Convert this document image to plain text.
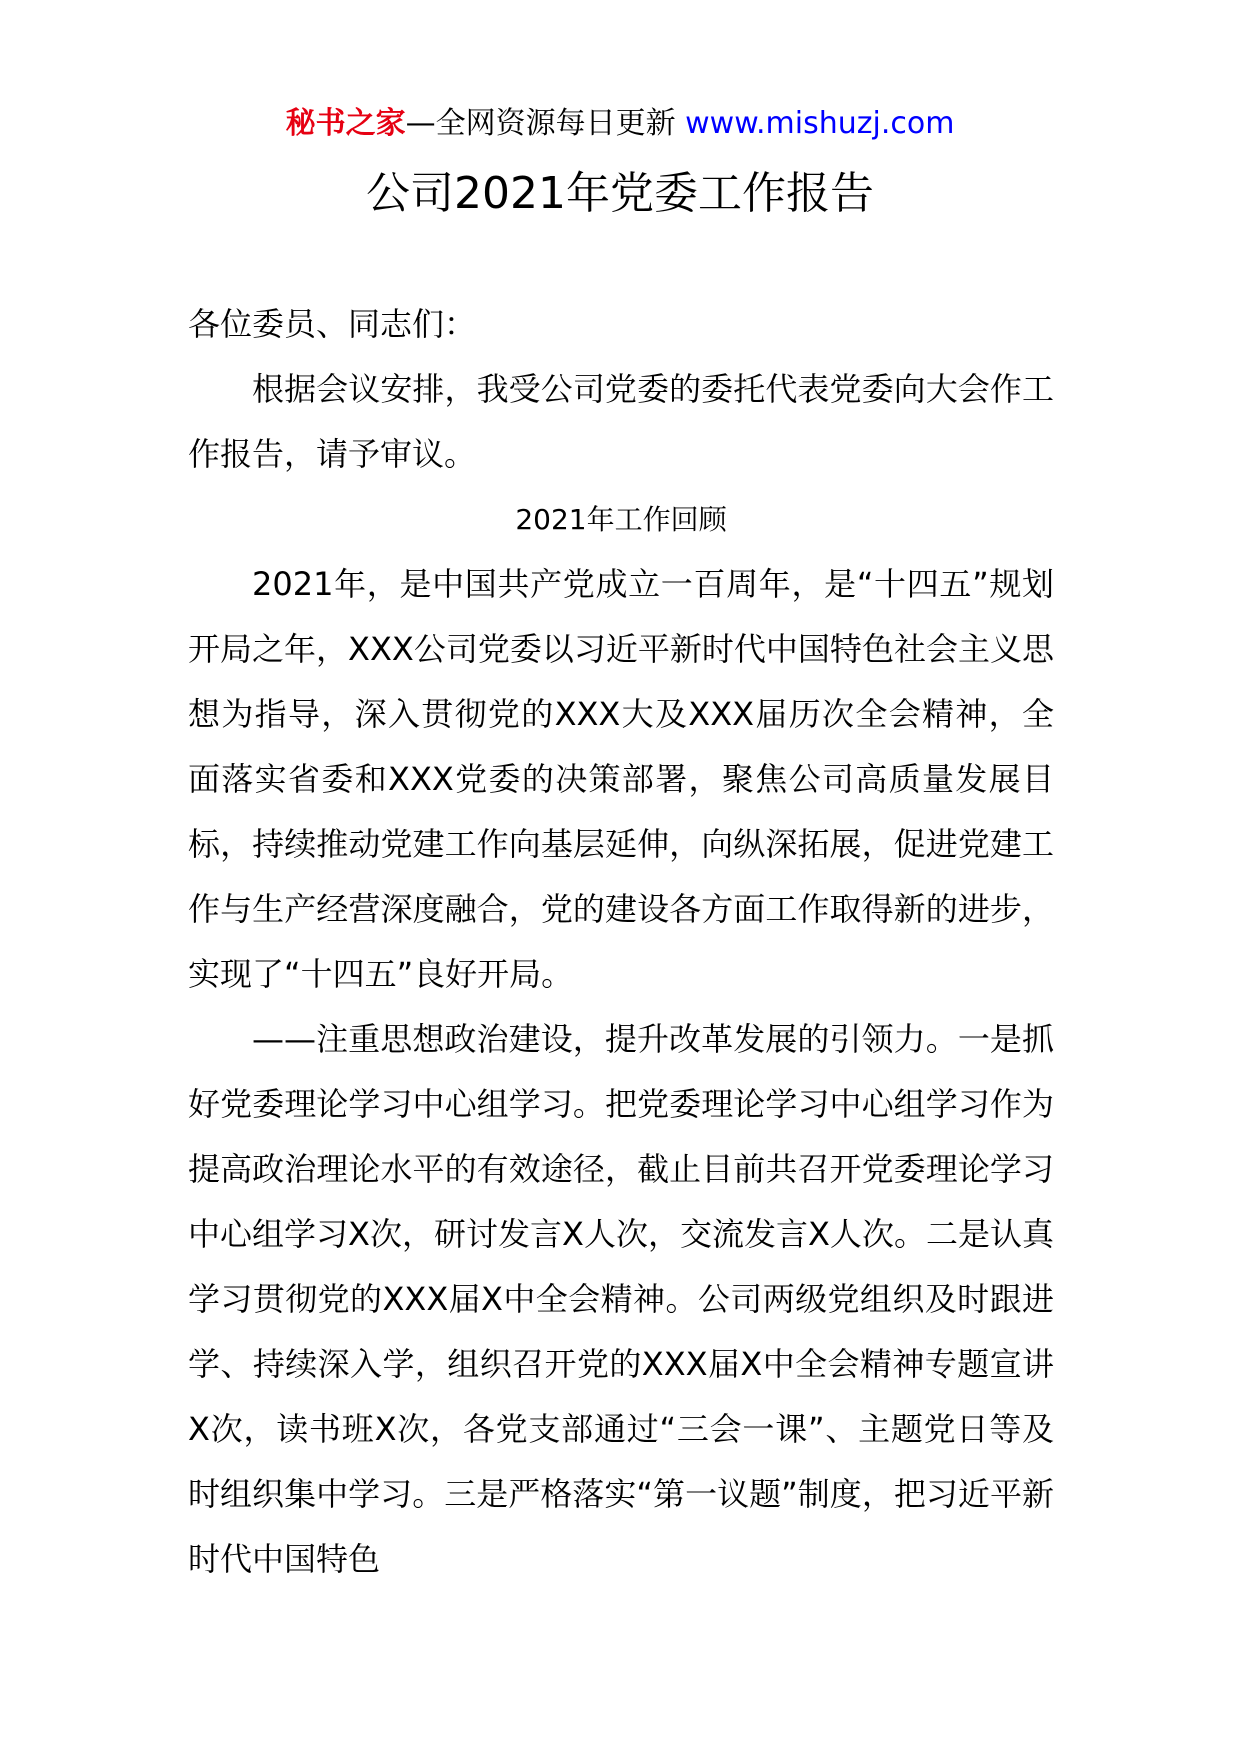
秘书之家—全网资源每日更新 www.mishuzj.com
公司2021年党委工作报告

各位委员、同志们：

根据会议安排，我受公司党委的委托代表党委向大会作工作报告，请予审议。

2021年工作回顾

2021年，是中国共产党成立一百周年，是“十四五”规划开局之年，XXX公司党委以习近平新时代中国特色社会主义思想为指导，深入贯彻党的XXX大及XXX届历次全会精神，全面落实省委和XXX党委的决策部署，聚焦公司高质量发展目标，持续推动党建工作向基层延伸，向纵深拓展，促进党建工作与生产经营深度融合，党的建设各方面工作取得新的进步，实现了“十四五”良好开局。

——注重思想政治建设，提升改革发展的引领力。一是抓好党委理论学习中心组学习。把党委理论学习中心组学习作为提高政治理论水平的有效途径，截止目前共召开党委理论学习中心组学习X次，研讨发言X人次，交流发言X人次。二是认真学习贯彻党的XXX届X中全会精神。公司两级党组织及时跟进学、持续深入学，组织召开党的XXX届X中全会精神专题宣讲X次，读书班X次，各党支部通过“三会一课”、主题党日等及时组织集中学习。三是严格落实“第一议题”制度，把习近平新时代中国特色
